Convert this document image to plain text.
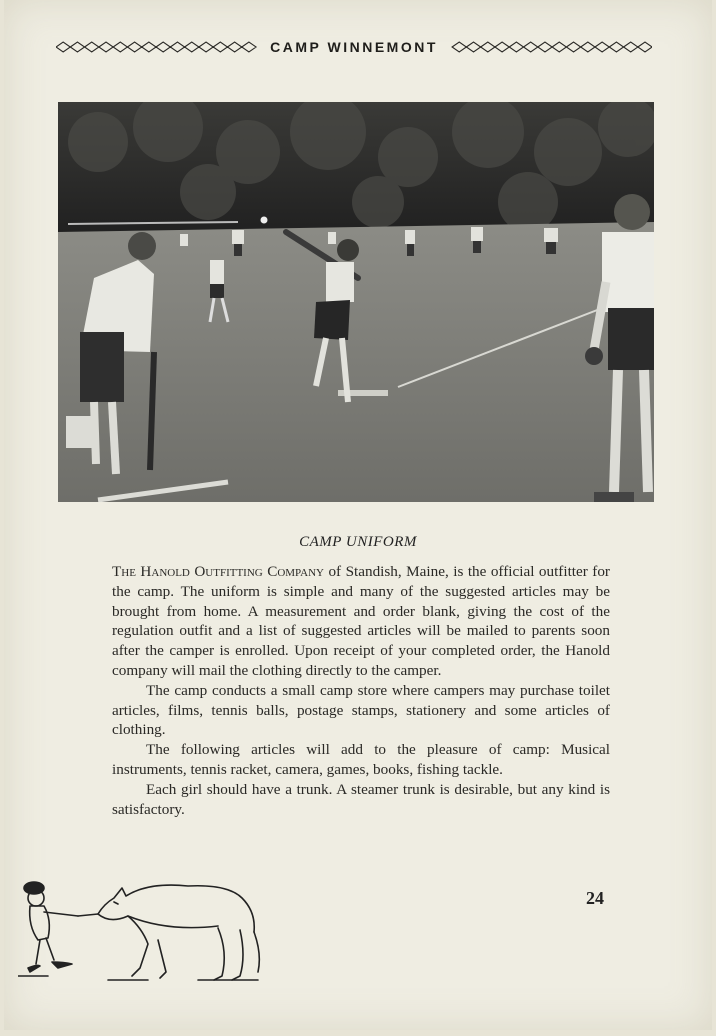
CAMP WINNEMONT
CAMP UNIFORM

The Hanold Outfitting Company of Standish, Maine, is the official outfitter for the camp. The uniform is simple and many of the suggested articles may be brought from home. A measurement and order blank, giving the cost of the regulation outfit and a list of suggested articles will be mailed to parents soon after the camper is enrolled. Upon receipt of your completed order, the Hanold company will mail the clothing directly to the camper.

The camp conducts a small camp store where campers may purchase toilet articles, films, tennis balls, postage stamps, stationery and some articles of clothing.

The following articles will add to the pleasure of camp: Musical instruments, tennis racket, camera, games, books, fishing tackle.

Each girl should have a trunk. A steamer trunk is desirable, but any kind is satisfactory.

24
